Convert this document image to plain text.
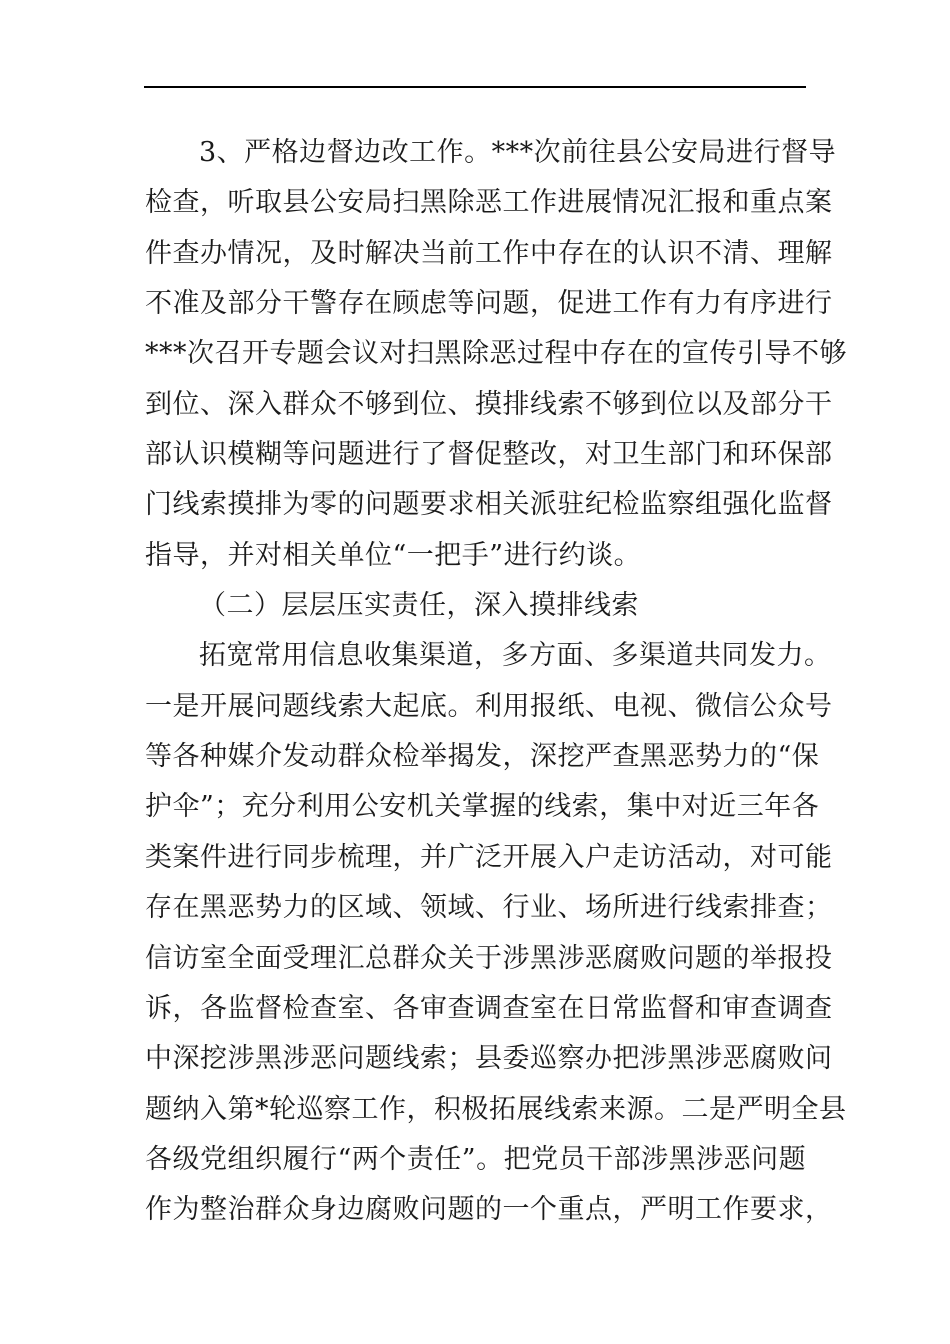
3、严格边督边改工作。***次前往县公安局进行督导
检查，听取县公安局扫黑除恶工作进展情况汇报和重点案
件查办情况，及时解决当前工作中存在的认识不清、理解
不准及部分干警存在顾虑等问题，促进工作有力有序进行
***次召开专题会议对扫黑除恶过程中存在的宣传引导不够
到位、深入群众不够到位、摸排线索不够到位以及部分干
部认识模糊等问题进行了督促整改，对卫生部门和环保部
门线索摸排为零的问题要求相关派驻纪检监察组强化监督
指导，并对相关单位“一把手”进行约谈。
（二）层层压实责任，深入摸排线索
拓宽常用信息收集渠道，多方面、多渠道共同发力。
一是开展问题线索大起底。利用报纸、电视、微信公众号
等各种媒介发动群众检举揭发，深挖严查黑恶势力的“保
护伞”；充分利用公安机关掌握的线索，集中对近三年各
类案件进行同步梳理，并广泛开展入户走访活动，对可能
存在黑恶势力的区域、领域、行业、场所进行线索排查；
信访室全面受理汇总群众关于涉黑涉恶腐败问题的举报投
诉，各监督检查室、各审查调查室在日常监督和审查调查
中深挖涉黑涉恶问题线索；县委巡察办把涉黑涉恶腐败问
题纳入第*轮巡察工作，积极拓展线索来源。二是严明全县
各级党组织履行“两个责任”。把党员干部涉黑涉恶问题
作为整治群众身边腐败问题的一个重点，严明工作要求，
